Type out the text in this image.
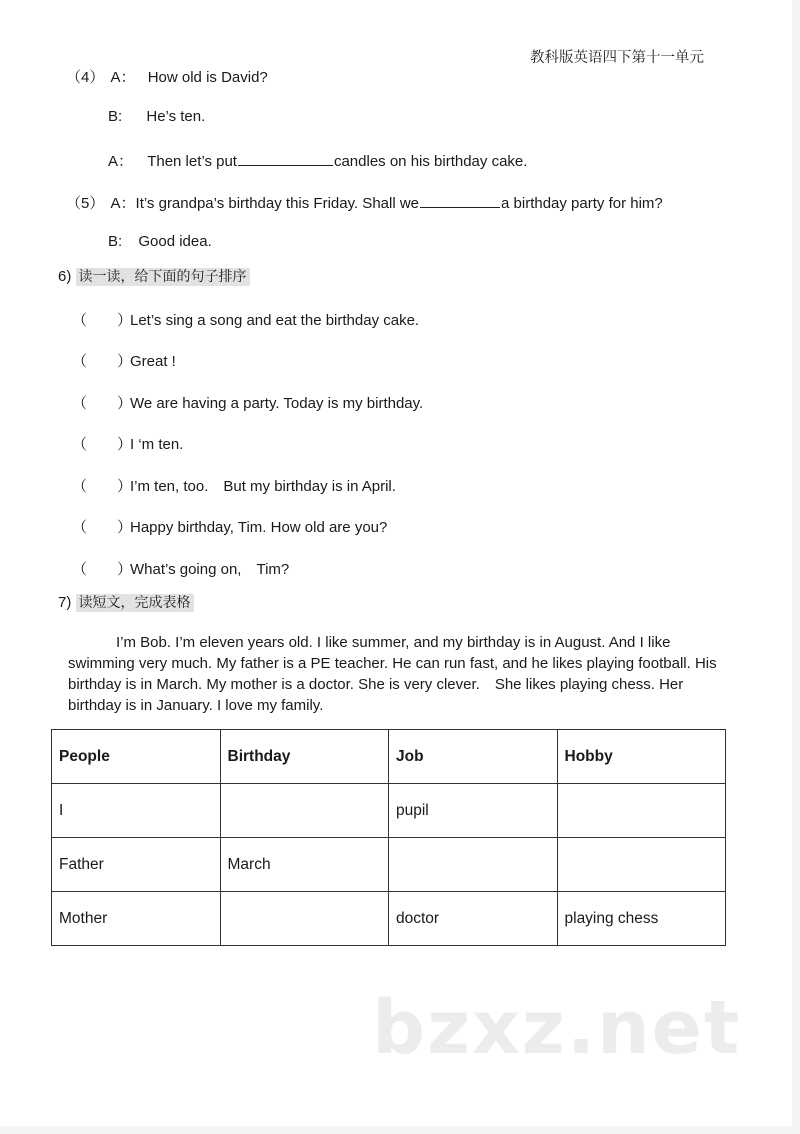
教科版英语四下第十一单元
（4） A： How old is David?
B: He’s ten.
A： Then let’s put	candles on his birthday cake.
（5） A：It’s grandpa’s birthday this Friday. Shall we	a birthday party for him?
B: Good idea.
6) 读一读，给下面的句子排序
（　　）Let’s sing a song and eat the birthday cake.
（　　）Great !
（　　）We are having a party. Today is my birthday.
（　　）I ‘m ten.
（　　）I’m ten, too.　But my birthday is in April.
（　　）Happy birthday, Tim. How old are you?
（　　）What’s going on,　Tim?
7) 读短文，完成表格
I’m Bob. I’m eleven years old. I like summer, and my birthday is in August. And I like swimming very much. My father is a PE teacher. He can run fast, and he likes playing football. His birthday is in March. My mother is a doctor. She is very clever.　She likes playing chess. Her birthday is in January. I love my family.
People	Birthday	Job	Hobby
I		pupil	
Father	March		
Mother		doctor	playing chess
bzxz.net
